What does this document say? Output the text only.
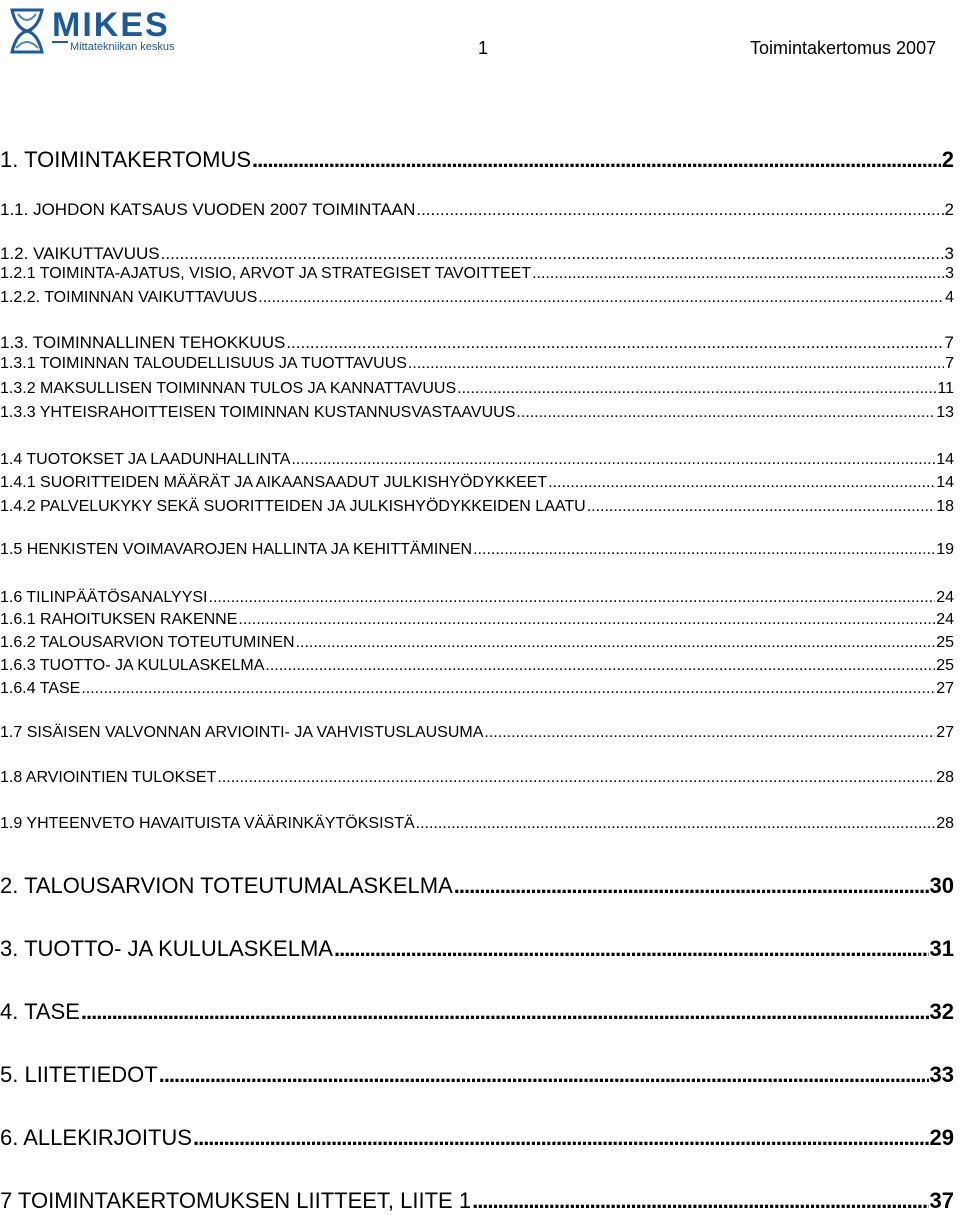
MIKES
Mittatekniikan keskus	1	Toimintakertomus 2007
1. TOIMINTAKERTOMUS .....	2
1.1. JOHDON KATSAUS VUODEN 2007 TOIMINTAAN .....	2
1.2. VAIKUTTAVUUS .....	3
1.2.1 TOIMINTA-AJATUS, VISIO, ARVOT JA STRATEGISET TAVOITTEET .....	3
1.2.2. TOIMINNAN VAIKUTTAVUUS .....	4
1.3. TOIMINNALLINEN TEHOKKUUS .....	7
1.3.1 TOIMINNAN TALOUDELLISUUS JA TUOTTAVUUS .....	7
1.3.2 MAKSULLISEN TOIMINNAN TULOS JA KANNATTAVUUS .....	11
1.3.3 YHTEISRAHOITTEISEN TOIMINNAN KUSTANNUSVASTAAVUUS .....	13
1.4 TUOTOKSET JA LAADUNHALLINTA .....	14
1.4.1 SUORITTEIDEN MÄÄRÄT JA AIKAANSAADUT JULKISHYÖDYKKEET .....	14
1.4.2 PALVELUKYKY SEKÄ SUORITTEIDEN JA JULKISHYÖDYKKEIDEN LAATU .....	18
1.5 HENKISTEN VOIMAVAROJEN HALLINTA JA KEHITTÄMINEN .....	19
1.6 TILINPÄÄTÖSANALYYSI .....	24
1.6.1 RAHOITUKSEN RAKENNE .....	24
1.6.2 TALOUSARVION TOTEUTUMINEN .....	25
1.6.3 TUOTTO- JA KULULASKELMA .....	25
1.6.4 TASE .....	27
1.7 SISÄISEN VALVONNAN ARVIOINTI- JA VAHVISTUSLAUSUMA .....	27
1.8 ARVIOINTIEN TULOKSET .....	28
1.9 YHTEENVETO HAVAITUISTA VÄÄRINKÄYTÖKSISTÄ .....	28
2. TALOUSARVION TOTEUTUMALASKELMA .....	30
3. TUOTTO- JA KULULASKELMA .....	31
4. TASE .....	32
5. LIITETIEDOT .....	33
6. ALLEKIRJOITUS .....	29
7 TOIMINTAKERTOMUKSEN LIITTEET, LIITE 1 .....	37
